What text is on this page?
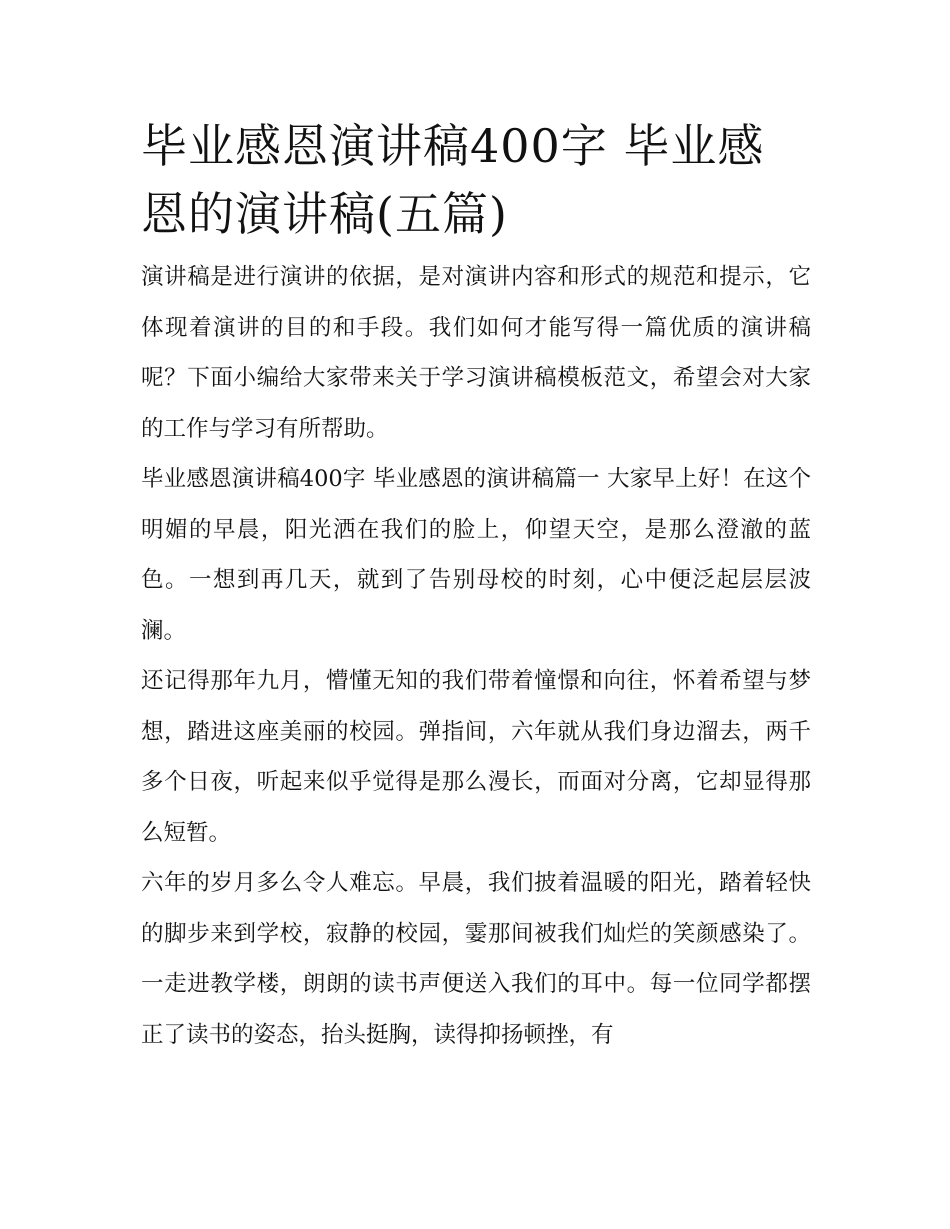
毕业感恩演讲稿400字 毕业感恩的演讲稿(五篇)

演讲稿是进行演讲的依据，是对演讲内容和形式的规范和提示，它体现着演讲的目的和手段。我们如何才能写得一篇优质的演讲稿呢？下面小编给大家带来关于学习演讲稿模板范文，希望会对大家的工作与学习有所帮助。

毕业感恩演讲稿400字 毕业感恩的演讲稿篇一 大家早上好！在这个明媚的早晨，阳光洒在我们的脸上，仰望天空，是那么澄澈的蓝色。一想到再几天，就到了告别母校的时刻，心中便泛起层层波澜。

还记得那年九月，懵懂无知的我们带着憧憬和向往，怀着希望与梦想，踏进这座美丽的校园。弹指间，六年就从我们身边溜去，两千多个日夜，听起来似乎觉得是那么漫长，而面对分离，它却显得那么短暂。

六年的岁月多么令人难忘。早晨，我们披着温暖的阳光，踏着轻快的脚步来到学校，寂静的校园，霎那间被我们灿烂的笑颜感染了。一走进教学楼，朗朗的读书声便送入我们的耳中。每一位同学都摆正了读书的姿态，抬头挺胸，读得抑扬顿挫，有
